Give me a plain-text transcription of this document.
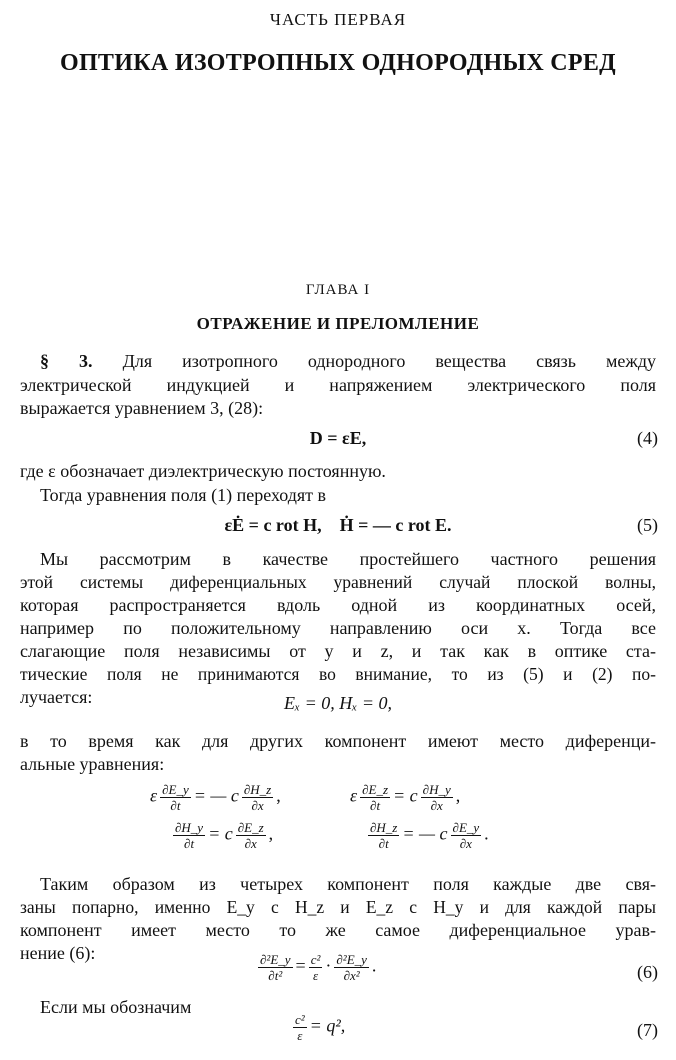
ЧАСТЬ ПЕРВАЯ
ОПТИКА ИЗОТРОПНЫХ ОДНОРОДНЫХ СРЕД
ГЛАВА I
ОТРАЖЕНИЕ И ПРЕЛОМЛЕНИЕ
§ 3. Для изотропного однородного вещества связь между
электрической индукцией и напряжением электрического поля
выражается уравнением 3, (28):
D = εE,	(4)
где ε обозначает диэлектрическую постоянную.
Тогда уравнения поля (1) переходят в
εĖ = c rot H, Ḣ = — c rot E.	(5)
Мы рассмотрим в качестве простейшего частного решения
этой системы диференциальных уравнений случай плоской волны,
которая распространяется вдоль одной из координатных осей,
например по положительному направлению оси x. Тогда все
слагающие поля независимы от y и z, и так как в оптике ста-
тические поля не принимаются во внимание, то из (5) и (2) по-
лучается:	Eₓ = 0, Hₓ = 0,
в то время как для других компонент имеют место диференци-
альные уравнения:
ε $\frac{\partial E\_y}{\partial t}$ = — c $\frac{\partial H\_z}{\partial x}$ ,	ε $\frac{\partial E\_z}{\partial t} = c \frac{\partial H\_y}{\partial x}$ ,
$\frac{\partial H\_y}{\partial t} = c \frac{\partial E\_z}{\partial x}$ ,	$\frac{\partial H\_z}{\partial t}$ = — c $\frac{\partial E\_y}{\partial x}$ .
Таким образом из четырех компонент поля каждые две свя-
заны попарно, именно E_y с H_z и E_z с H_y и для каждой пары
компонент имеет место то же самое диференциальное урав-
нение (6):	$\frac{\text{∂²E\_y}}{\text{∂t²}} = \frac{\text{c²}}{\varepsilon} \cdot \frac{\text{∂²E\_y}}{\text{∂x²}}$ .	(6)
Если мы обозначим
$\frac{\text{c²}}{\varepsilon} = q^2$,	(7)
